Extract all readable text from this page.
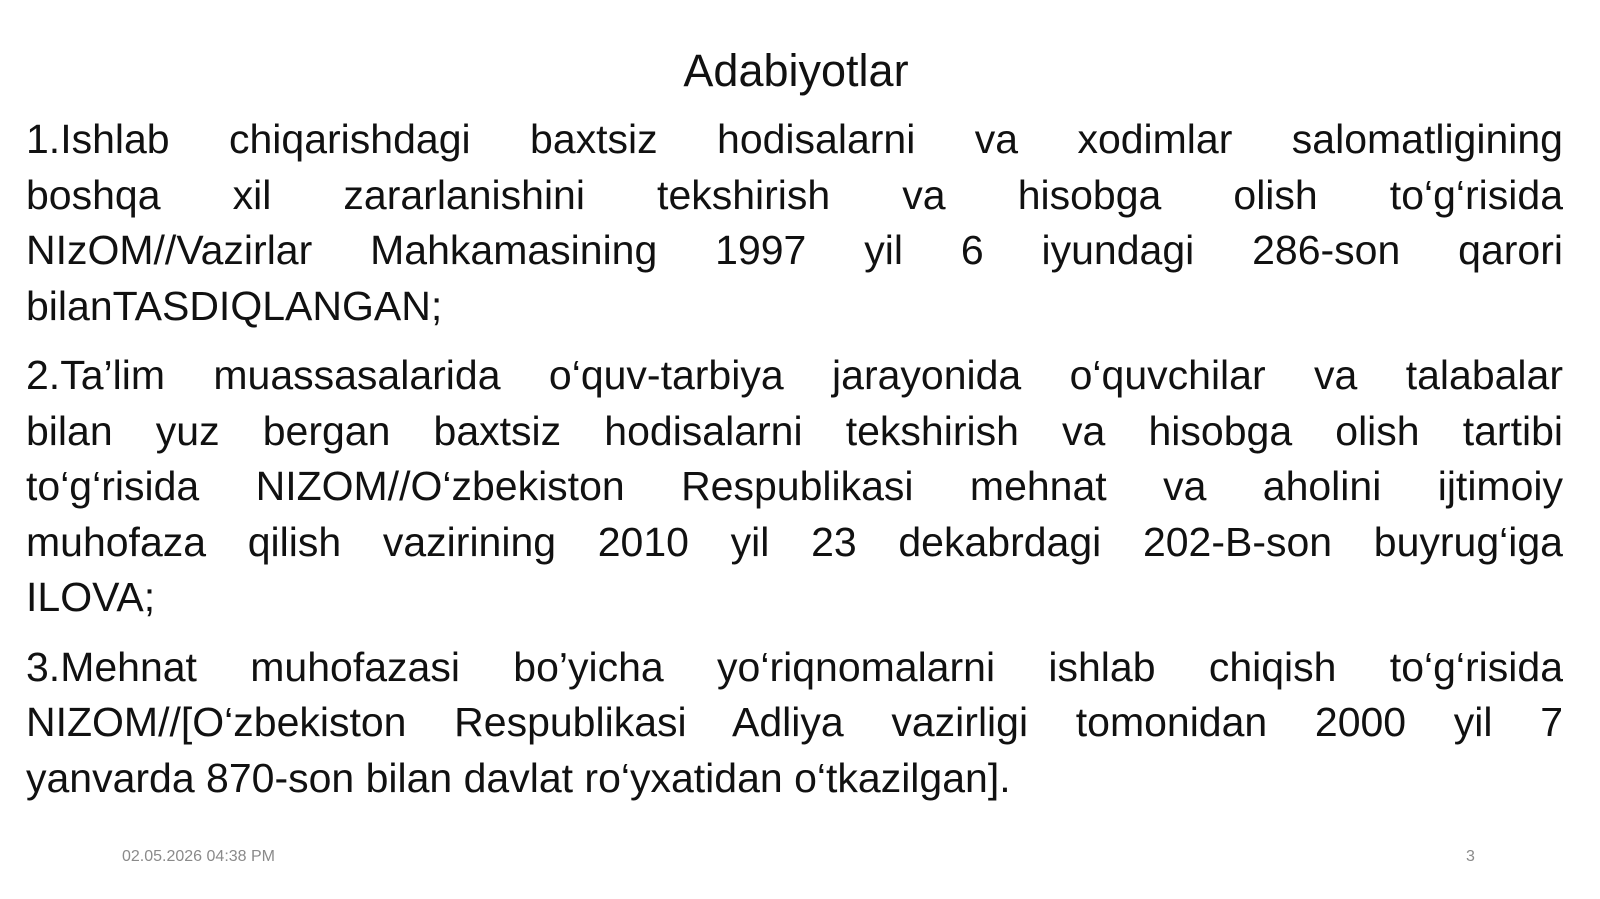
Adabiyotlar

1.Ishlab chiqarishdagi baxtsiz hodisalarni va xodimlar salomatligining
boshqa xil zararlanishini tekshirish va hisobga olish to‘g‘risida
NIzOM//Vazirlar Mahkamasining 1997 yil 6 iyundagi 286-son qarori
bilanTASDIQLANGAN;

2.Ta’lim muassasalarida o‘quv-tarbiya jarayonida o‘quvchilar va talabalar
bilan yuz bergan baxtsiz hodisalarni tekshirish va hisobga olish tartibi
to‘g‘risida NIZOM//O‘zbekiston Respublikasi mehnat va aholini ijtimoiy
muhofaza qilish vazirining 2010 yil 23 dekabrdagi 202-B-son buyrug‘iga
ILOVA;

3.Mehnat muhofazasi bo’yicha yo‘riqnomalarni ishlab chiqish to‘g‘risida
NIZOM//[O‘zbekiston Respublikasi Adliya vazirligi tomonidan 2000 yil 7
yanvarda 870-son bilan davlat ro‘yxatidan o‘tkazilgan].

02.05.2026 04:38 PM	3
